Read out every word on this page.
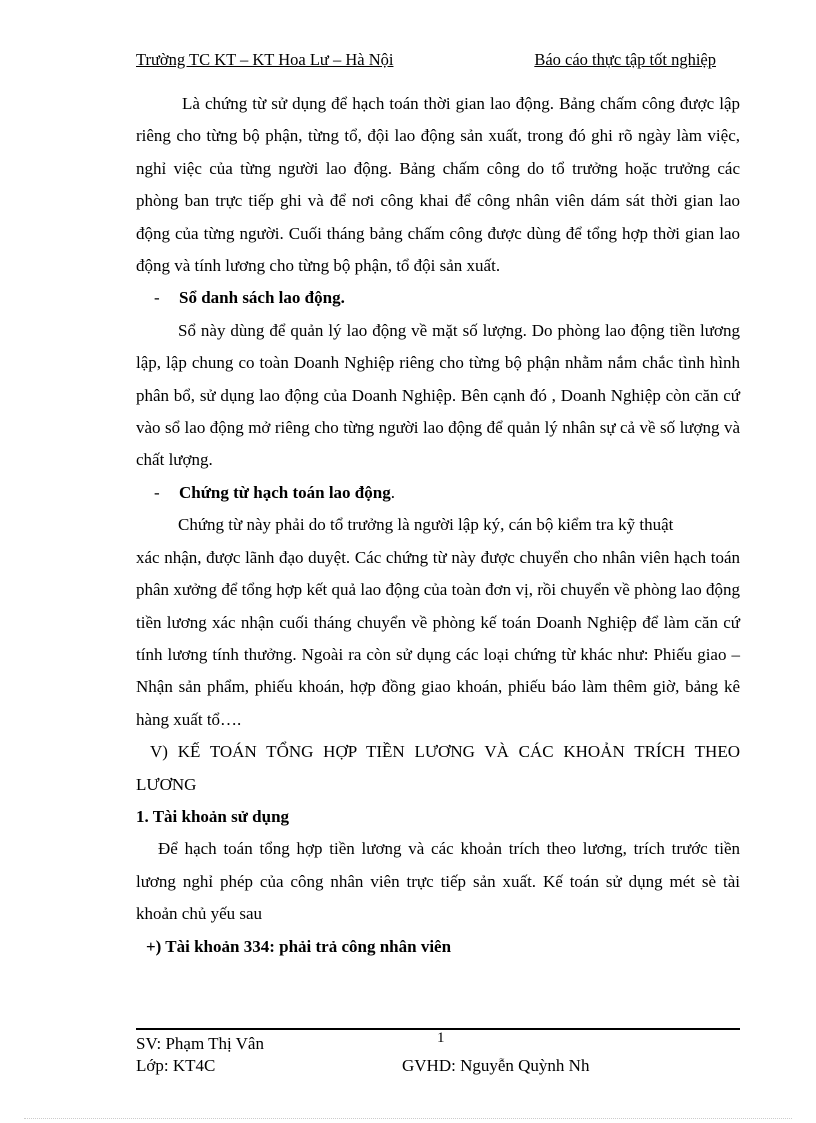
Trường TC KT – KT Hoa Lư – Hà Nội	Báo cáo thực tập tốt nghiệp

Là chứng từ sử dụng để hạch toán thời gian lao động. Bảng chấm công được lập riêng cho từng bộ phận, từng tổ, đội lao động sản xuất, trong đó ghi rõ ngày làm việc, nghỉ việc của từng người lao động. Bảng chấm công do tổ trưởng hoặc trưởng các phòng ban trực tiếp ghi và để nơi công khai để công nhân viên dám sát thời gian lao động của từng người. Cuối tháng bảng chấm công được dùng để tổng hợp thời gian lao động và tính lương cho từng bộ phận, tổ đội sản xuất.

- Sổ danh sách lao động.

Sổ này dùng để quản lý lao động về mặt số lượng. Do phòng lao động tiền lương lập, lập chung co toàn Doanh Nghiệp riêng cho từng bộ phận nhằm nắm chắc tình hình phân bổ, sử dụng lao động của Doanh Nghiệp. Bên cạnh đó , Doanh Nghiệp còn căn cứ vào sổ lao động mở riêng cho từng người lao động để quản lý nhân sự cả về số lượng và chất lượng.

- Chứng từ hạch toán lao động.

Chứng từ này phải do tổ trưởng là người lập ký, cán bộ kiểm tra kỹ thuật

xác nhận, được lãnh đạo duyệt. Các chứng từ này được chuyển cho nhân viên hạch toán phân xưởng để tổng hợp kết quả lao động của toàn đơn vị, rồi chuyển về phòng lao động tiền lương xác nhận cuối tháng chuyển về phòng kế toán Doanh Nghiệp để làm căn cứ tính lương tính thưởng. Ngoài ra còn sử dụng các loại chứng từ khác như: Phiếu giao – Nhận sản phẩm, phiếu khoán, hợp đồng giao khoán, phiếu báo làm thêm giờ, bảng kê hàng xuất tổ….

V) KẾ TOÁN TỔNG HỢP TIỀN LƯƠNG VÀ CÁC KHOẢN TRÍCH THEO LƯƠNG

1. Tài khoản sử dụng

Để hạch toán tổng hợp tiền lương và các khoản trích theo lương, trích trước tiền lương nghỉ phép của công nhân viên trực tiếp sản xuất. Kế toán sử dụng mét sè tài khoản chủ yếu sau

+) Tài khoản 334: phải trả công nhân viên

1
SV: Phạm Thị Vân
Lớp: KT4C	GVHD: Nguyễn Quỳnh Nh
